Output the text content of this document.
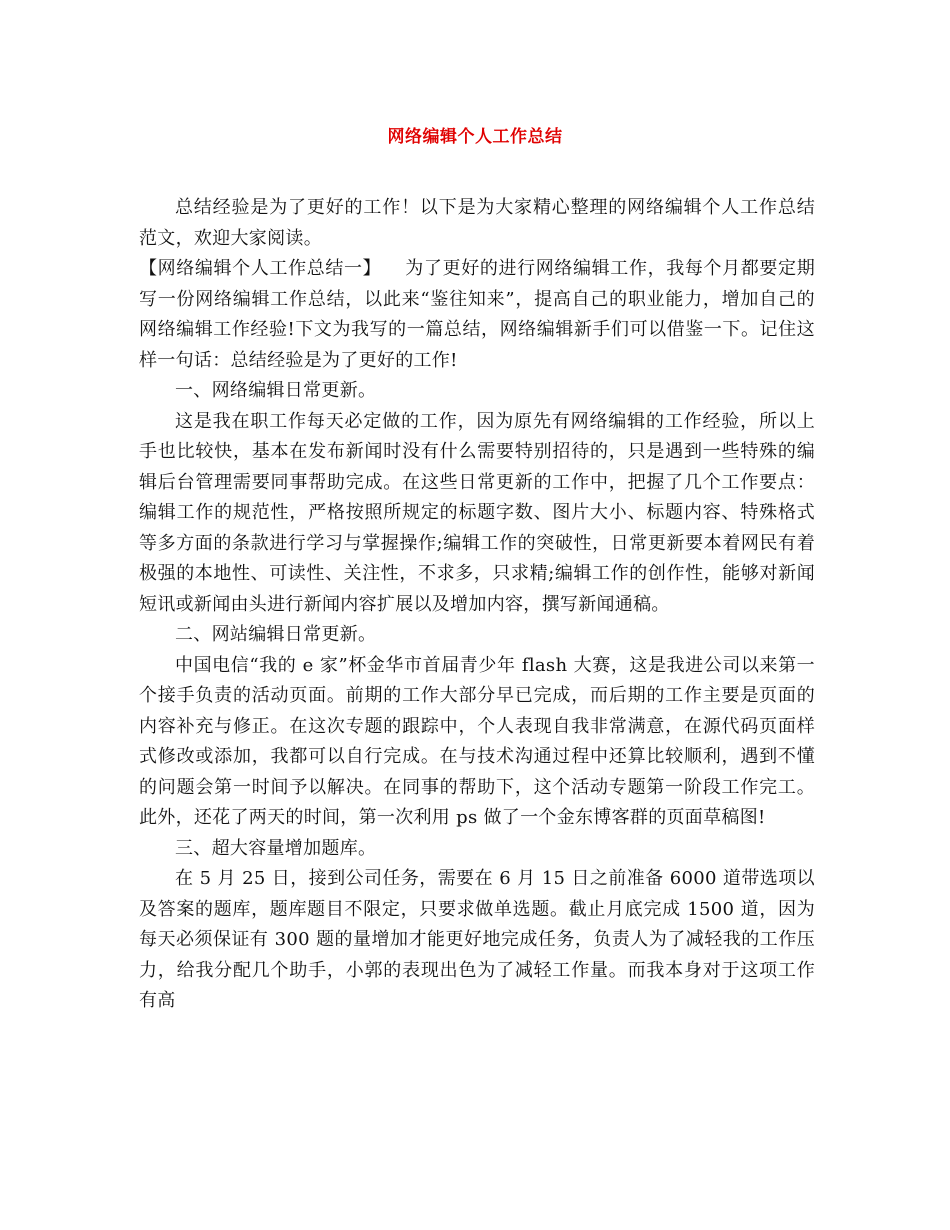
网络编辑个人工作总结

总结经验是为了更好的工作！以下是为大家精心整理的网络编辑个人工作总结范文，欢迎大家阅读。

【网络编辑个人工作总结一】 为了更好的进行网络编辑工作，我每个月都要定期写一份网络编辑工作总结，以此来“鉴往知来”，提高自己的职业能力，增加自己的网络编辑工作经验!下文为我写的一篇总结，网络编辑新手们可以借鉴一下。记住这样一句话：总结经验是为了更好的工作!

一、网络编辑日常更新。

这是我在职工作每天必定做的工作，因为原先有网络编辑的工作经验，所以上手也比较快，基本在发布新闻时没有什么需要特别招待的，只是遇到一些特殊的编辑后台管理需要同事帮助完成。在这些日常更新的工作中，把握了几个工作要点：编辑工作的规范性，严格按照所规定的标题字数、图片大小、标题内容、特殊格式等多方面的条款进行学习与掌握操作;编辑工作的突破性，日常更新要本着网民有着极强的本地性、可读性、关注性，不求多，只求精;编辑工作的创作性，能够对新闻短讯或新闻由头进行新闻内容扩展以及增加内容，撰写新闻通稿。

二、网站编辑日常更新。

中国电信“我的 e 家”杯金华市首届青少年 flash 大赛，这是我进公司以来第一个接手负责的活动页面。前期的工作大部分早已完成，而后期的工作主要是页面的内容补充与修正。在这次专题的跟踪中，个人表现自我非常满意，在源代码页面样式修改或添加，我都可以自行完成。在与技术沟通过程中还算比较顺利，遇到不懂的问题会第一时间予以解决。在同事的帮助下，这个活动专题第一阶段工作完工。此外，还花了两天的时间，第一次利用 ps 做了一个金东博客群的页面草稿图!

三、超大容量增加题库。

在 5 月 25 日，接到公司任务，需要在 6 月 15 日之前准备 6000 道带选项以及答案的题库，题库题目不限定，只要求做单选题。截止月底完成 1500 道，因为每天必须保证有 300 题的量增加才能更好地完成任务，负责人为了减轻我的工作压力，给我分配几个助手，小郭的表现出色为了减轻工作量。而我本身对于这项工作有高
